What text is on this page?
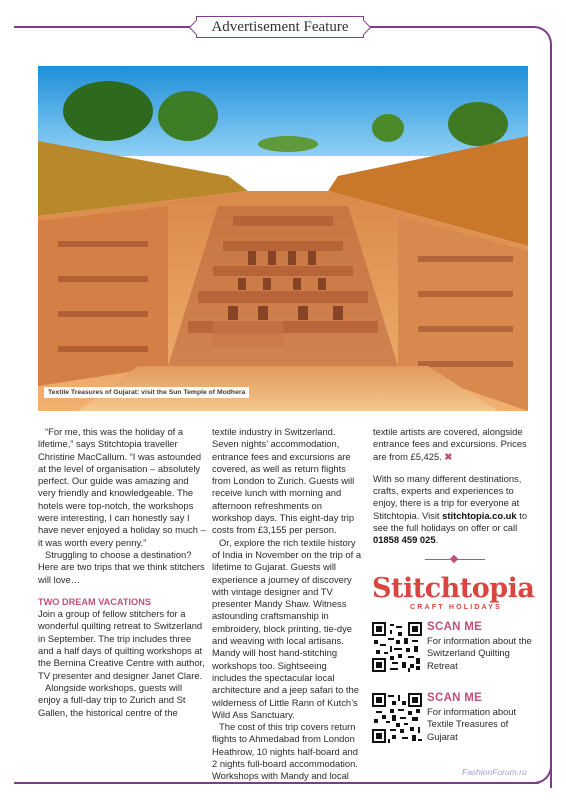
Advertisement Feature
Textile Treasures of Gujarat: visit the Sun Temple of Modhera

“For me, this was the holiday of a lifetime,” says Stitchtopia traveller Christine MacCallum. “I was astounded at the level of organisation – absolutely perfect. Our guide was amazing and very friendly and knowledgeable. The hotels were top-notch, the workshops were interesting, I can honestly say I have never enjoyed a holiday so much – it was worth every penny.”

Struggling to choose a destination? Here are two trips that we think stitchers will love…

TWO DREAM VACATIONS

Join a group of fellow stitchers for a wonderful quilting retreat to Switzerland in September. The trip includes three and a half days of quilting workshops at the Bernina Creative Centre with author, TV presenter and designer Janet Clare.

Alongside workshops, guests will enjoy a full-day trip to Zurich and St Gallen, the historical centre of the

textile industry in Switzerland. Seven nights’ accommodation, entrance fees and excursions are covered, as well as return flights from London to Zurich. Guests will receive lunch with morning and afternoon refreshments on workshop days. This eight-day trip costs from £3,155 per person.

Or, explore the rich textile history of India in November on the trip of a lifetime to Gujarat. Guests will experience a journey of discovery with vintage designer and TV presenter Mandy Shaw. Witness astounding craftsmanship in embroidery, block printing, tie-dye and weaving with local artisans. Mandy will host hand-stitching workshops too. Sightseeing includes the spectacular local architecture and a jeep safari to the wilderness of Little Rann of Kutch’s Wild Ass Sanctuary.

The cost of this trip covers return flights to Ahmedabad from London Heathrow, 10 nights half-board and 2 nights full-board accommodation. Workshops with Mandy and local

textile artists are covered, alongside entrance fees and excursions. Prices are from £5,425. ✖

With so many different destinations, crafts, experts and experiences to enjoy, there is a trip for everyone at Stitchtopia. Visit stitchtopia.co.uk to see the full holidays on offer or call 01858 459 025.

Stitchtopia
CRAFT HOLIDAYS
SCAN ME
For information about the Switzerland Quilting Retreat
SCAN ME
For information about Textile Treasures of Gujarat
FashionForum.ru
